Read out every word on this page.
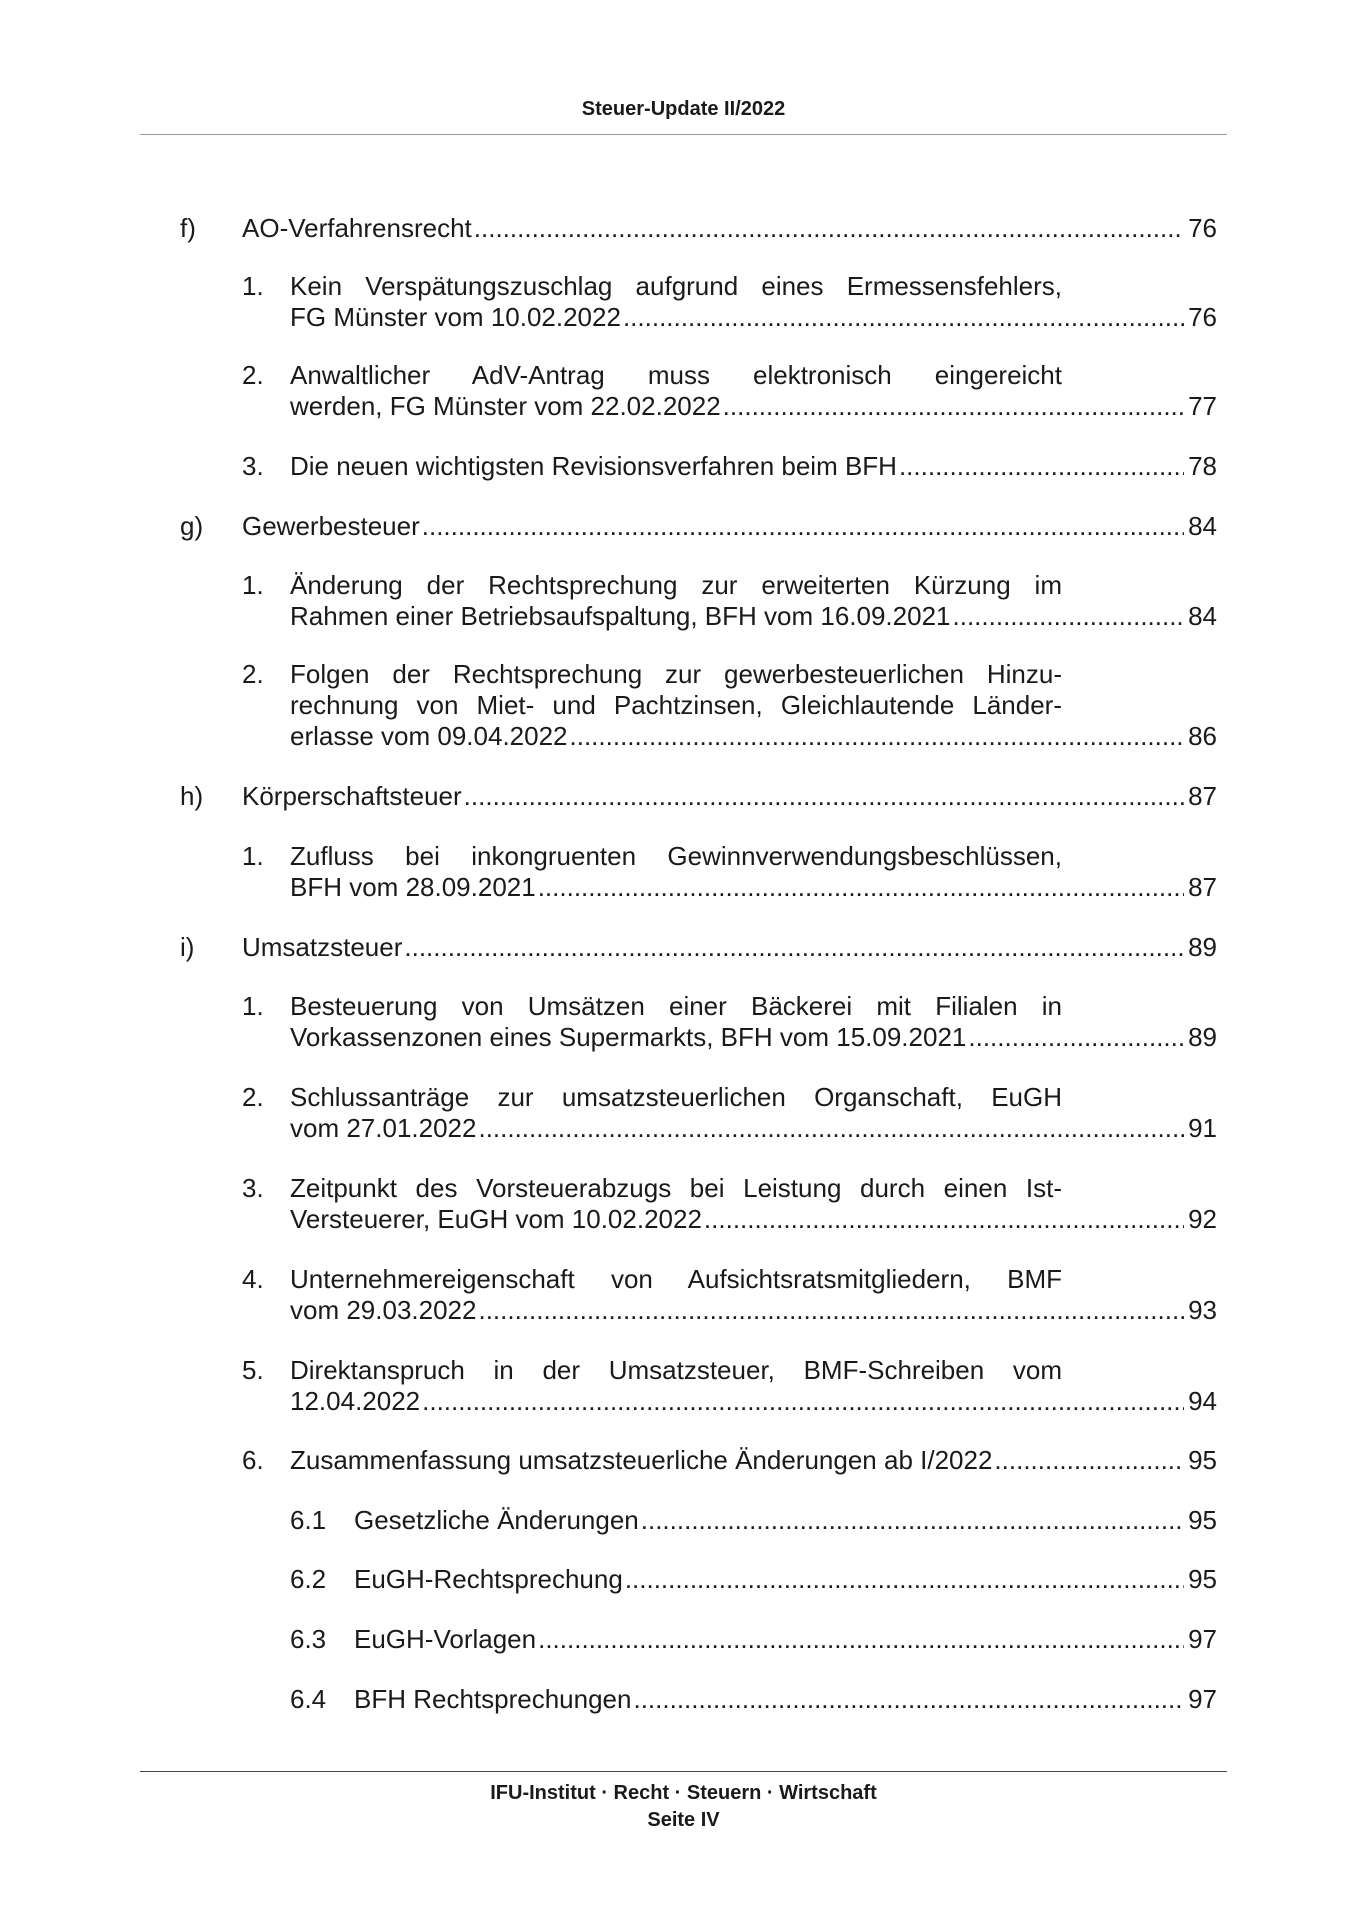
Steuer-Update II/2022
f) AO-Verfahrensrecht .....	76
1. Kein Verspätungszuschlag aufgrund eines Ermessensfehlers,
FG Münster vom 10.02.2022 .....	76
2. Anwaltlicher AdV-Antrag muss elektronisch eingereicht
werden, FG Münster vom 22.02.2022 .....	77
3. Die neuen wichtigsten Revisionsverfahren beim BFH .....	78
g) Gewerbesteuer .....	84
1. Änderung der Rechtsprechung zur erweiterten Kürzung im
Rahmen einer Betriebsaufspaltung, BFH vom 16.09.2021 .....	84
2. Folgen der Rechtsprechung zur gewerbesteuerlichen Hinzu-
rechnung von Miet- und Pachtzinsen, Gleichlautende Länder-
erlasse vom 09.04.2022 .....	86
h) Körperschaftsteuer .....	87
1. Zufluss bei inkongruenten Gewinnverwendungsbeschlüssen,
BFH vom 28.09.2021 .....	87
i) Umsatzsteuer .....	89
1. Besteuerung von Umsätzen einer Bäckerei mit Filialen in
Vorkassenzonen eines Supermarkts, BFH vom 15.09.2021 .....	89
2. Schlussanträge zur umsatzsteuerlichen Organschaft, EuGH
vom 27.01.2022 .....	91
3. Zeitpunkt des Vorsteuerabzugs bei Leistung durch einen Ist-
Versteuerer, EuGH vom 10.02.2022 .....	92
4. Unternehmereigenschaft von Aufsichtsratsmitgliedern, BMF
vom 29.03.2022 .....	93
5. Direktanspruch in der Umsatzsteuer, BMF-Schreiben vom
12.04.2022 .....	94
6. Zusammenfassung umsatzsteuerliche Änderungen ab I/2022 .....	95
6.1 Gesetzliche Änderungen .....	95
6.2 EuGH-Rechtsprechung .....	95
6.3 EuGH-Vorlagen .....	97
6.4 BFH Rechtsprechungen .....	97
IFU-Institut · Recht · Steuern · Wirtschaft
Seite IV
